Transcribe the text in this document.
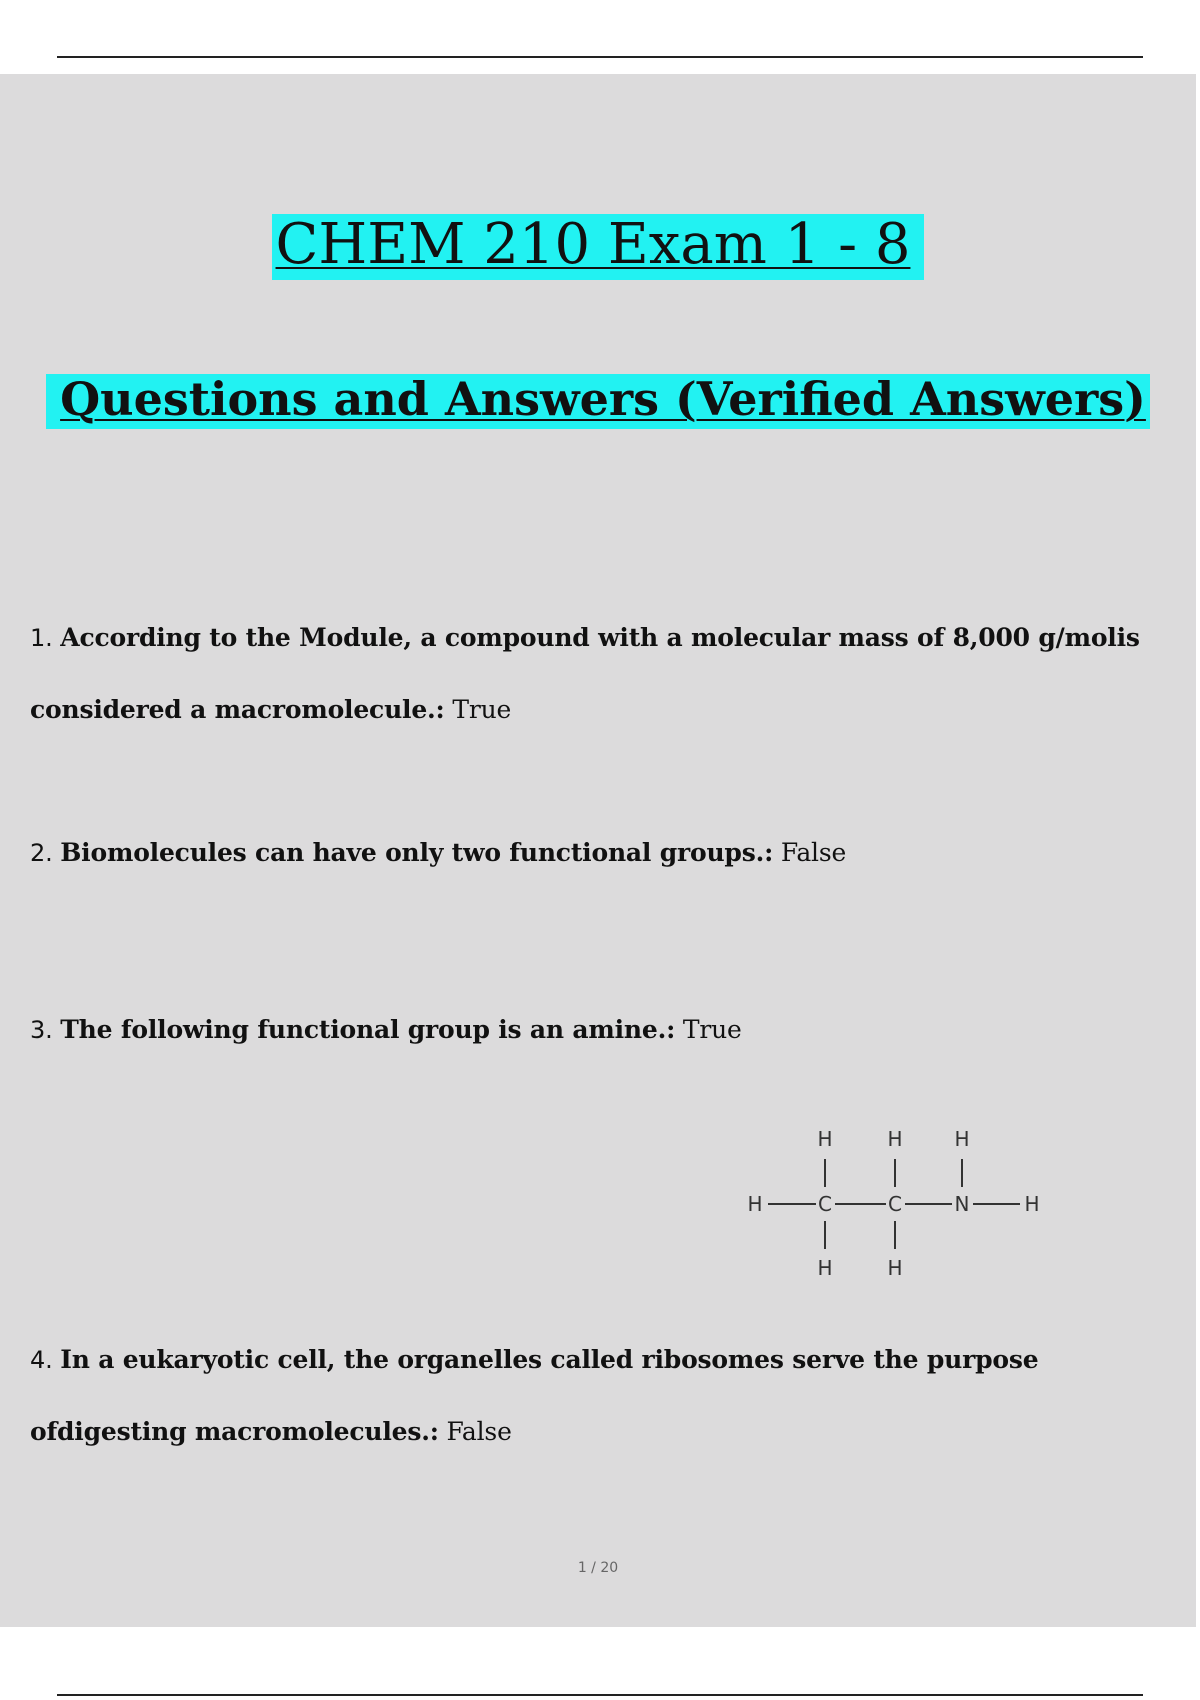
CHEM 210 Exam 1 - 8
Questions and Answers (Verified Answers)
1. According to the Module, a compound with a molecular mass of 8,000 g/molis considered a macromolecule.: True
2. Biomolecules can have only two functional groups.: False
3. The following functional group is an amine.: True
H	H	H
H	C	C	N	H
H	H
4. In a eukaryotic cell, the organelles called ribosomes serve the purpose ofdigesting macromolecules.: False
1 / 20
